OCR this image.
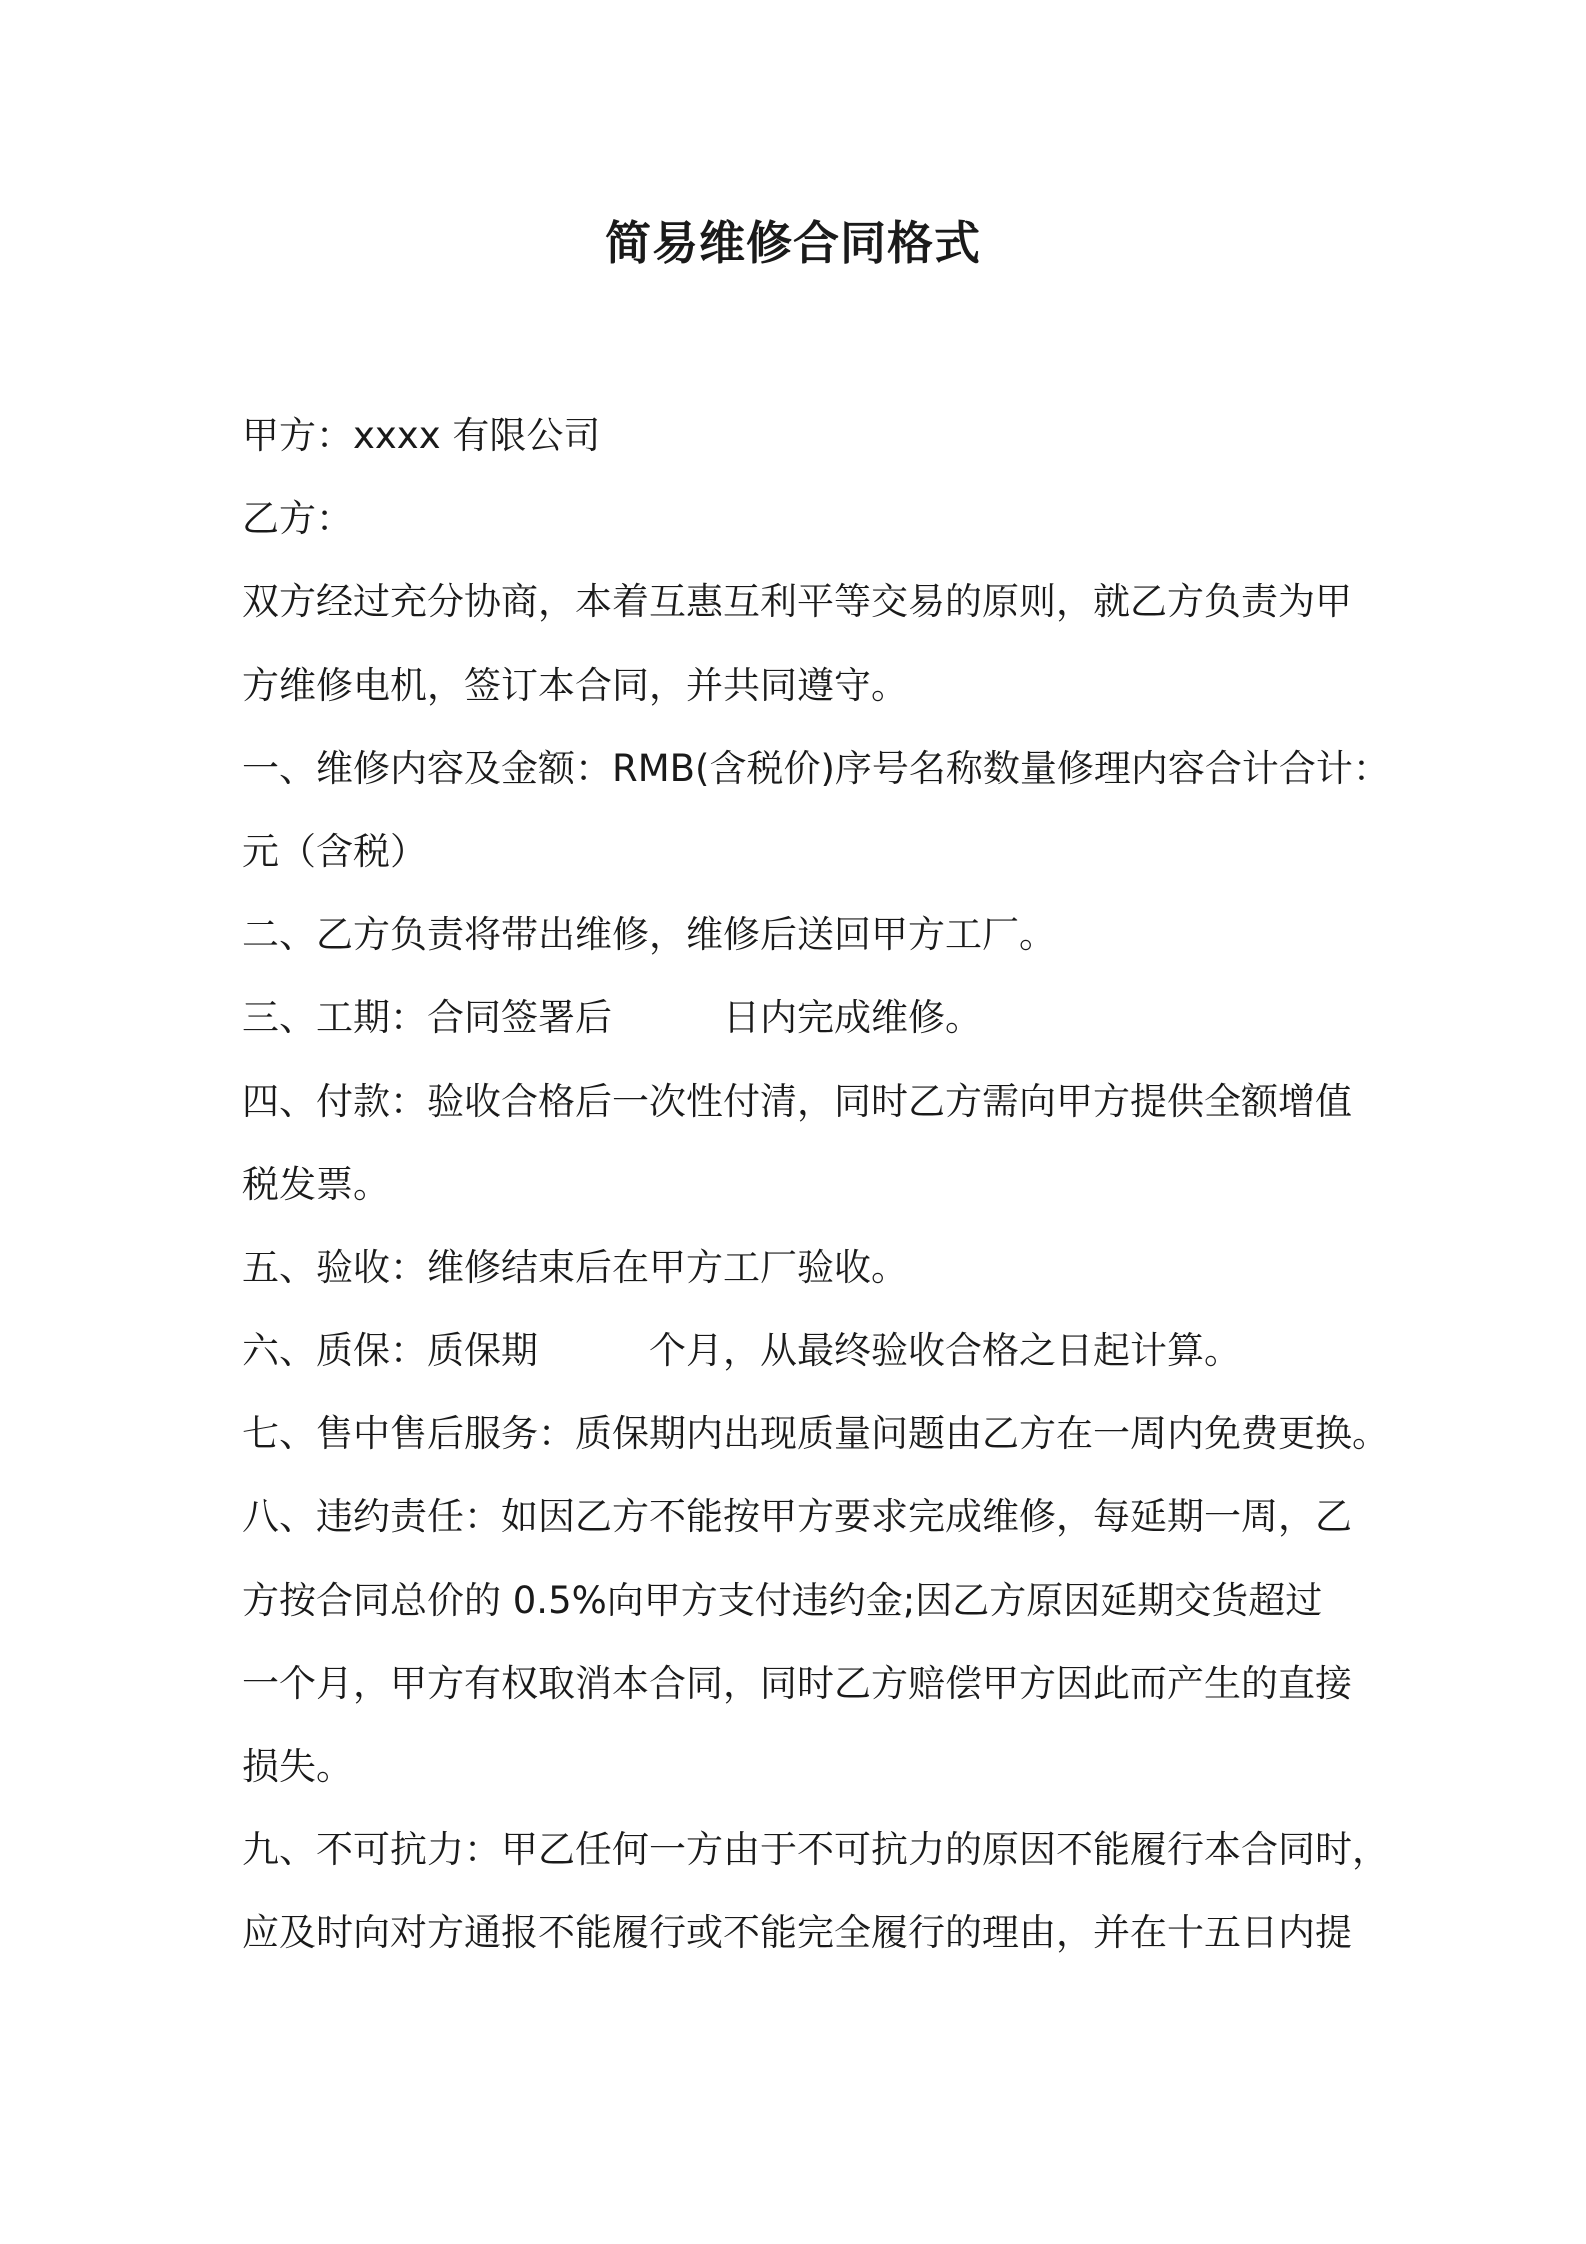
简易维修合同格式
甲方：xxxx 有限公司
乙方：
双方经过充分协商，本着互惠互利平等交易的原则，就乙方负责为甲
方维修电机，签订本合同，并共同遵守。
一、维修内容及金额：RMB(含税价)序号名称数量修理内容合计合计：
元（含税）
二、乙方负责将带出维修，维修后送回甲方工厂。
三、工期：合同签署后　　　日内完成维修。
四、付款：验收合格后一次性付清，同时乙方需向甲方提供全额增值
税发票。
五、验收：维修结束后在甲方工厂验收。
六、质保：质保期　　　个月，从最终验收合格之日起计算。
七、售中售后服务：质保期内出现质量问题由乙方在一周内免费更换。
八、违约责任：如因乙方不能按甲方要求完成维修，每延期一周，乙
方按合同总价的 0.5%向甲方支付违约金;因乙方原因延期交货超过
一个月，甲方有权取消本合同，同时乙方赔偿甲方因此而产生的直接
损失。
九、不可抗力：甲乙任何一方由于不可抗力的原因不能履行本合同时，
应及时向对方通报不能履行或不能完全履行的理由，并在十五日内提
